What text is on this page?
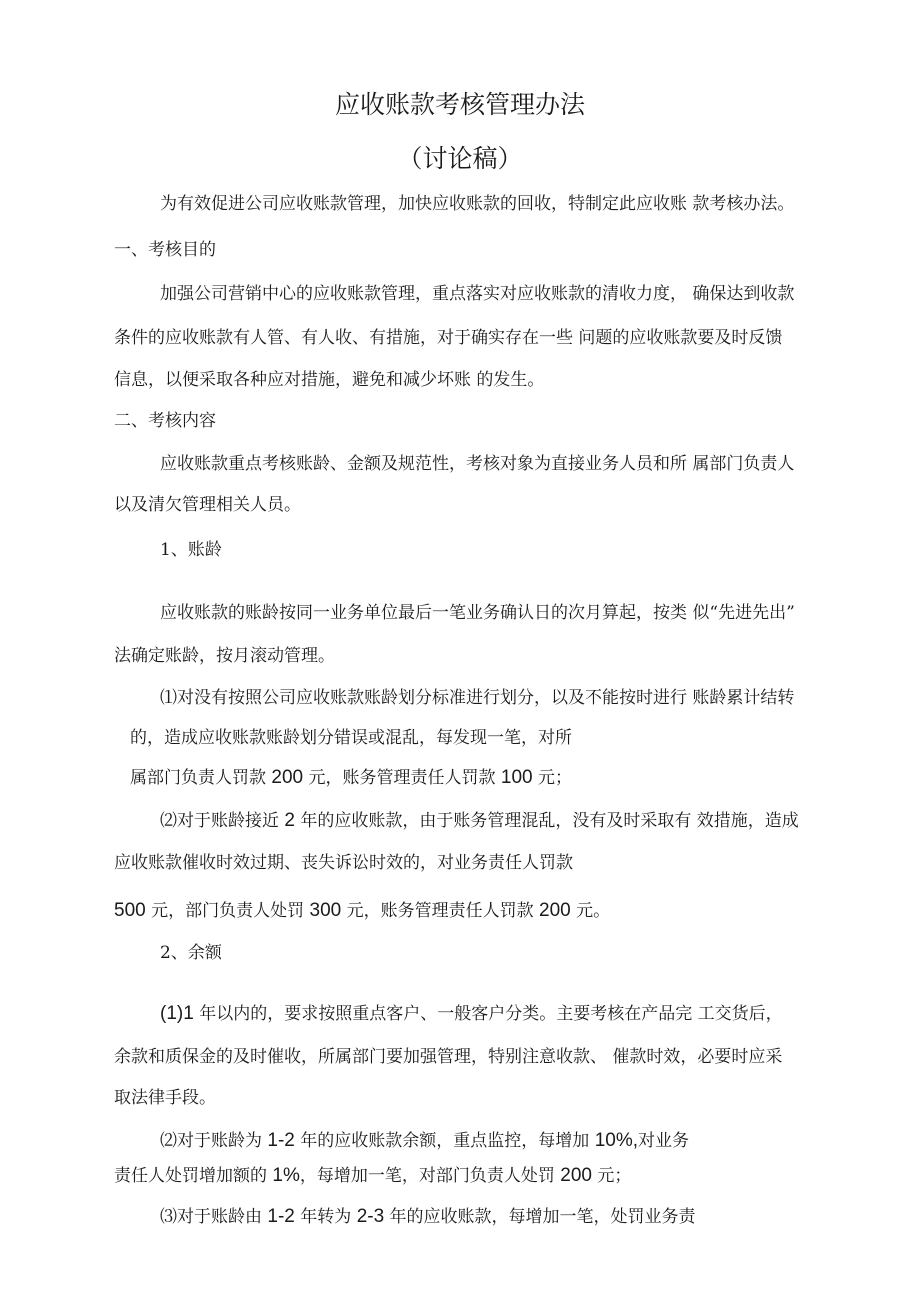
应收账款考核管理办法
（讨论稿）

为有效促进公司应收账款管理，加快应收账款的回收，特制定此应收账 款考核办法。

一、考核目的

加强公司营销中心的应收账款管理，重点落实对应收账款的清收力度， 确保达到收款

条件的应收账款有人管、有人收、有措施，对于确实存在一些 问题的应收账款要及时反馈

信息，以便采取各种应对措施，避免和减少坏账 的发生。

二、考核内容

应收账款重点考核账龄、金额及规范性，考核对象为直接业务人员和所 属部门负责人

以及清欠管理相关人员。

1、账龄

应收账款的账龄按同一业务单位最后一笔业务确认日的次月算起，按类 似“先进先出”

法确定账龄，按月滚动管理。

⑴对没有按照公司应收账款账龄划分标准进行划分，以及不能按时进行 账龄累计结转

的，造成应收账款账龄划分错误或混乱，每发现一笔，对所

属部门负责人罚款 200 元，账务管理责任人罚款 100 元；

⑵对于账龄接近 2 年的应收账款，由于账务管理混乱，没有及时采取有 效措施，造成

应收账款催收时效过期、丧失诉讼时效的，对业务责任人罚款

500 元，部门负责人处罚 300 元，账务管理责任人罚款 200 元。

2、余额

(1)1 年以内的，要求按照重点客户、一般客户分类。主要考核在产品完 工交货后，

余款和质保金的及时催收，所属部门要加强管理，特别注意收款、 催款时效，必要时应采

取法律手段。

⑵对于账龄为 1-2 年的应收账款余额，重点监控，每增加 10%,对业务

责任人处罚增加额的 1%，每增加一笔，对部门负责人处罚 200 元；

⑶对于账龄由 1-2 年转为 2-3 年的应收账款，每增加一笔，处罚业务责
